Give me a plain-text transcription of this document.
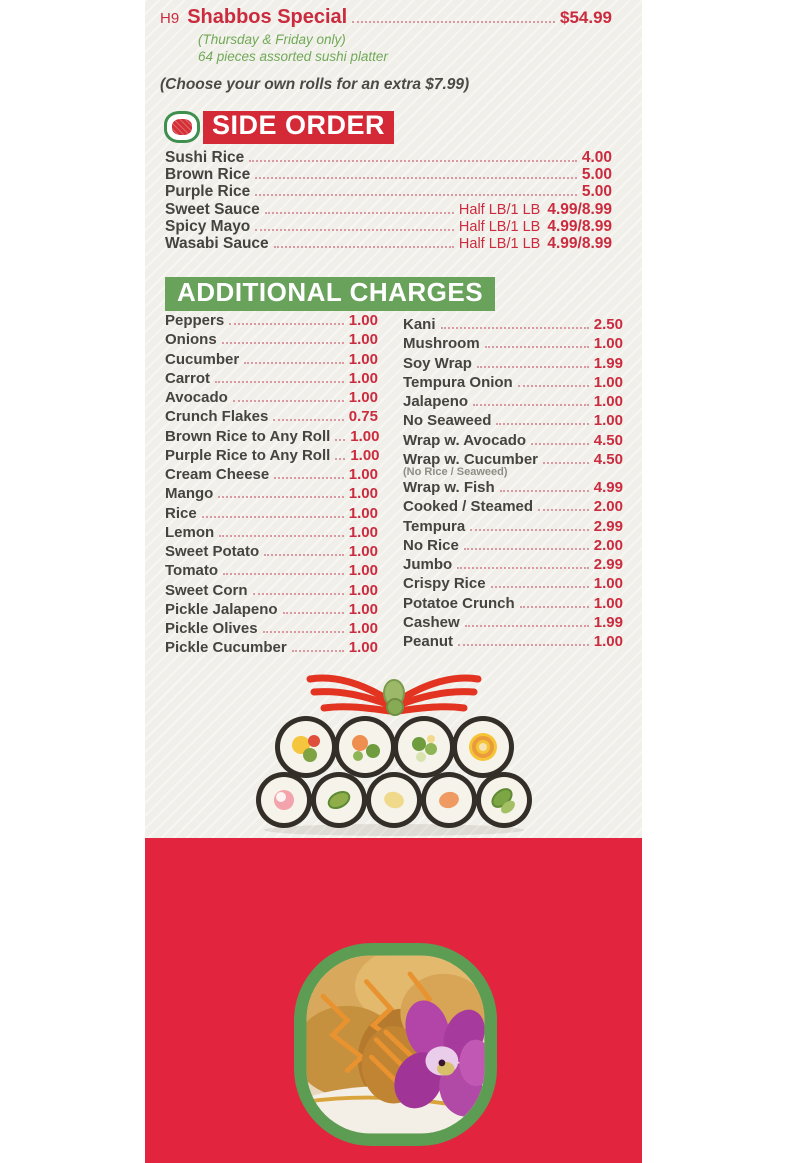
H9 Shabbos Special	$54.99
(Thursday & Friday only)
64 pieces assorted sushi platter
(Choose your own rolls for an extra $7.99)
SIDE ORDER
Sushi Rice	4.00
Brown Rice	5.00
Purple Rice	5.00
Sweet Sauce	Half LB/1 LB 4.99/8.99
Spicy Mayo	Half LB/1 LB 4.99/8.99
Wasabi Sauce	Half LB/1 LB 4.99/8.99
ADDITIONAL CHARGES
Peppers	1.00
Onions	1.00
Cucumber	1.00
Carrot	1.00
Avocado	1.00
Crunch Flakes	0.75
Brown Rice to Any Roll 1.00
Purple Rice to Any Roll 1.00
Cream Cheese	1.00
Mango	1.00
Rice	1.00
Lemon	1.00
Sweet Potato	1.00
Tomato	1.00
Sweet Corn	1.00
Pickle Jalapeno	1.00
Pickle Olives	1.00
Pickle Cucumber	1.00
Kani	2.50
Mushroom	1.00
Soy Wrap	1.99
Tempura Onion	1.00
Jalapeno	1.00
No Seaweed	1.00
Wrap w. Avocado	4.50
Wrap w. Cucumber	4.50
(No Rice / Seaweed)
Wrap w. Fish	4.99
Cooked / Steamed	2.00
Tempura	2.99
No Rice	2.00
Jumbo	2.99
Crispy Rice	1.00
Potatoe Crunch	1.00
Cashew	1.99
Peanut	1.00
